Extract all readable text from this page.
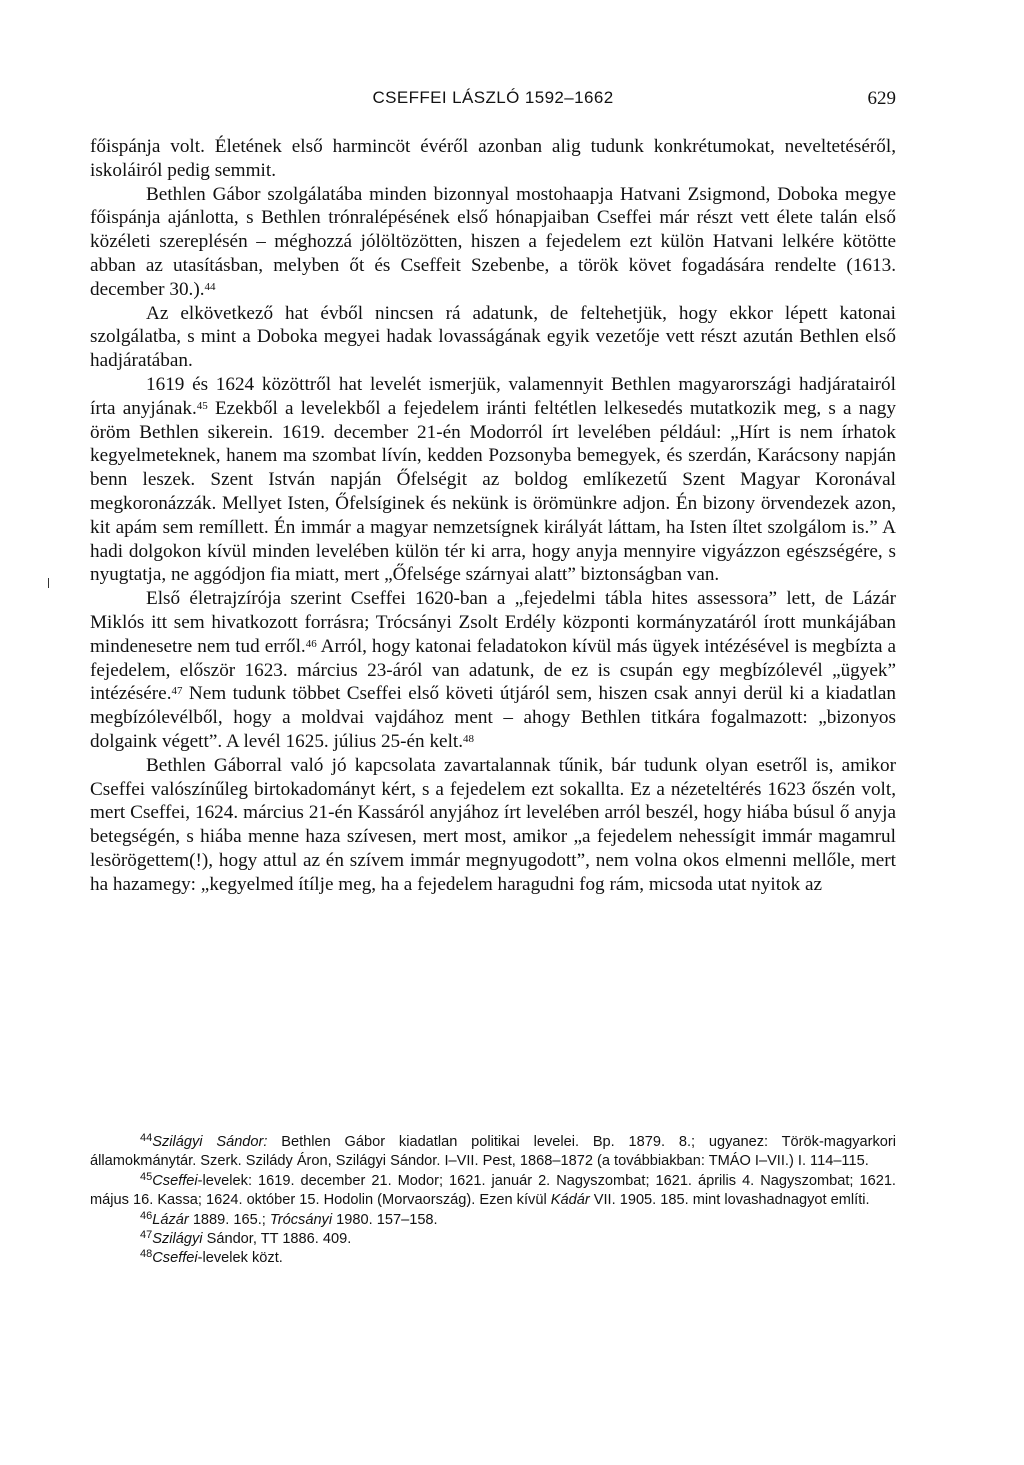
CSEFFEI LÁSZLÓ 1592–1662	629

főispánja volt. Életének első harmincöt évéről azonban alig tudunk konkrétumokat, neveltetéséről, iskoláiról pedig semmit.

Bethlen Gábor szolgálatába minden bizonnyal mostohaapja Hatvani Zsigmond, Doboka megye főispánja ajánlotta, s Bethlen trónralépésének első hónapjaiban Cseffei már részt vett élete talán első közéleti szereplésén – méghozzá jólöltözötten, hiszen a fejedelem ezt külön Hatvani lelkére kötötte abban az utasításban, melyben őt és Cseffeit Szebenbe, a török követ fogadására rendelte (1613. december 30.).$^{44}$

Az elkövetkező hat évből nincsen rá adatunk, de feltehetjük, hogy ekkor lépett katonai szolgálatba, s mint a Doboka megyei hadak lovasságának egyik vezetője vett részt azután Bethlen első hadjáratában.

1619 és 1624 közöttről hat levelét ismerjük, valamennyit Bethlen magyarországi hadjáratairól írta anyjának.$^{45}$ Ezekből a levelekből a fejedelem iránti feltétlen lelkesedés mutatkozik meg, s a nagy öröm Bethlen sikerein. 1619. december 21-én Modorról írt levelében például: „Hírt is nem írhatok kegyelmeteknek, hanem ma szombat lívín, kedden Pozsonyba bemegyek, és szerdán, Karácsony napján benn leszek. Szent István napján Őfelségit az boldog emlíkezetű Szent Magyar Koronával megkoronázzák. Mellyet Isten, Őfelsíginek és nekünk is örömünkre adjon. Én bizony örvendezek azon, kit apám sem remíllett. Én immár a magyar nemzetsígnek királyát láttam, ha Isten íltet szolgálom is.” A hadi dolgokon kívül minden levelében külön tér ki arra, hogy anyja mennyire vigyázzon egészségére, s nyugtatja, ne aggódjon fia miatt, mert „Őfelsége szárnyai alatt” biztonságban van.

Első életrajzírója szerint Cseffei 1620-ban a „fejedelmi tábla hites assessora” lett, de Lázár Miklós itt sem hivatkozott forrásra; Trócsányi Zsolt Erdély központi kormányzatáról írott munkájában mindenesetre nem tud erről.$^{46}$ Arról, hogy katonai feladatokon kívül más ügyek intézésével is megbízta a fejedelem, először 1623. március 23-áról van adatunk, de ez is csupán egy megbízólevél „ügyek” intézésére.$^{47}$ Nem tudunk többet Cseffei első követi útjáról sem, hiszen csak annyi derül ki a kiadatlan megbízólevélből, hogy a moldvai vajdához ment – ahogy Bethlen titkára fogalmazott: „bizonyos dolgaink végett”. A levél 1625. július 25-én kelt.$^{48}$

Bethlen Gáborral való jó kapcsolata zavartalannak tűnik, bár tudunk olyan esetről is, amikor Cseffei valószínűleg birtokadományt kért, s a fejedelem ezt sokallta. Ez a nézeteltérés 1623 őszén volt, mert Cseffei, 1624. március 21-én Kassáról anyjához írt levelében arról beszél, hogy hiába búsul ő anyja betegségén, s hiába menne haza szívesen, mert most, amikor „a fejedelem nehessígit immár magamrul lesörögettem(!), hogy attul az én szívem immár megnyugodott”, nem volna okos elmenni mellőle, mert ha hazamegy: „kegyelmed ítílje meg, ha a fejedelem haragudni fog rám, micsoda utat nyitok az

$^{44}$Szilágyi Sándor: Bethlen Gábor kiadatlan politikai levelei. Bp. 1879. 8.; ugyanez: Török-magyarkori államokmánytár. Szerk. Szilády Áron, Szilágyi Sándor. I–VII. Pest, 1868–1872 (a továbbiakban: TMÁO I–VII.) I. 114–115.

$^{45}$Cseffei-levelek: 1619. december 21. Modor; 1621. január 2. Nagyszombat; 1621. április 4. Nagyszombat; 1621. május 16. Kassa; 1624. október 15. Hodolin (Morvaország). Ezen kívül Kádár VII. 1905. 185. mint lovashadnagyot említi.

$^{46}$Lázár 1889. 165.; Trócsányi 1980. 157–158.

$^{47}$Szilágyi Sándor, TT 1886. 409.

$^{48}$Cseffei-levelek közt.
